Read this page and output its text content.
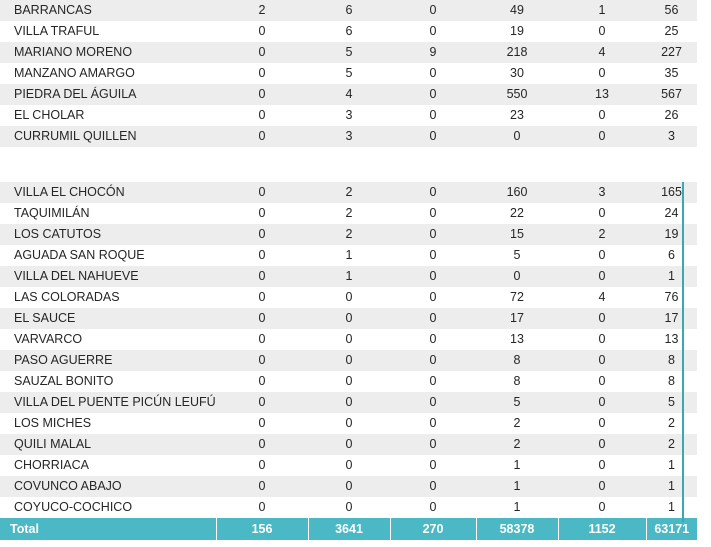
BARRANCAS	2	6	0	49	1	56
VILLA TRAFUL	0	6	0	19	0	25
MARIANO MORENO	0	5	9	218	4	227
MANZANO AMARGO	0	5	0	30	0	35
PIEDRA DEL ÁGUILA	0	4	0	550	13	567
EL CHOLAR	0	3	0	23	0	26
CURRUMIL QUILLEN	0	3	0	0	0	3
VILLA EL CHOCÓN	0	2	0	160	3	165
TAQUIMILÁN	0	2	0	22	0	24
LOS CATUTOS	0	2	0	15	2	19
AGUADA SAN ROQUE	0	1	0	5	0	6
VILLA DEL NAHUEVE	0	1	0	0	0	1
LAS COLORADAS	0	0	0	72	4	76
EL SAUCE	0	0	0	17	0	17
VARVARCO	0	0	0	13	0	13
PASO AGUERRE	0	0	0	8	0	8
SAUZAL BONITO	0	0	0	8	0	8
VILLA DEL PUENTE PICÚN LEUFÚ	0	0	0	5	0	5
LOS MICHES	0	0	0	2	0	2
QUILI MALAL	0	0	0	2	0	2
CHORRIACA	0	0	0	1	0	1
COVUNCO ABAJO	0	0	0	1	0	1
COYUCO-COCHICO	0	0	0	1	0	1
Total	156	3641	270	58378	1152	63171
